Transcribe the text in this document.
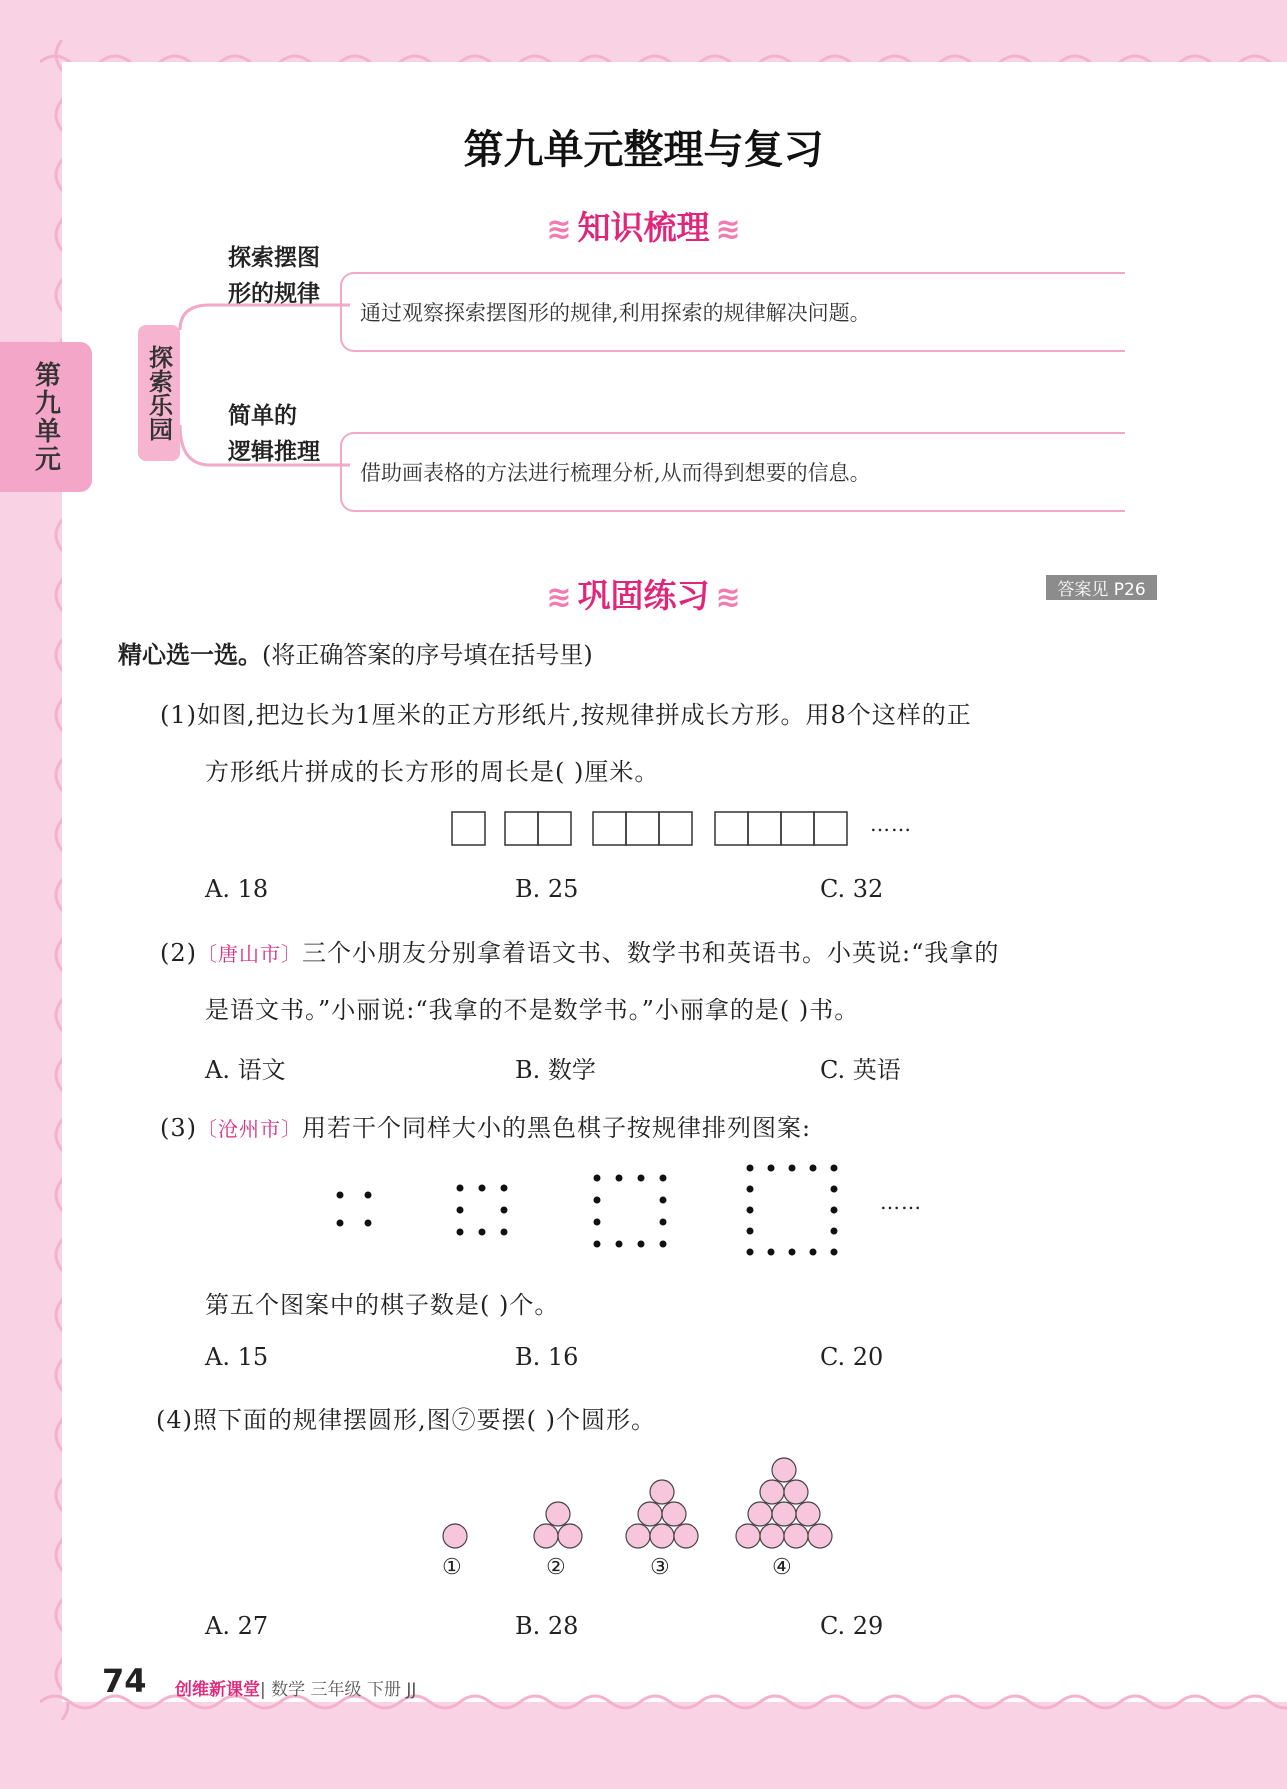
第九单元
第九单元整理与复习
≋ 知识梳理 ≋
探索乐园
探索摆图
形的规律
通过观察探索摆图形的规律,利用探索的规律解决问题。
简单的
逻辑推理
借助画表格的方法进行梳理分析,从而得到想要的信息。
≋ 巩固练习 ≋	答案见 P26
精心选一选。(将正确答案的序号填在括号里)
(1)如图,把边长为1厘米的正方形纸片,按规律拼成长方形。用8个这样的正
方形纸片拼成的长方形的周长是( )厘米。
……
A. 18	B. 25	C. 32
(2)〔唐山市〕三个小朋友分别拿着语文书、数学书和英语书。小英说:“我拿的
是语文书。”小丽说:“我拿的不是数学书。”小丽拿的是( )书。
A. 语文	B. 数学	C. 英语
(3)〔沧州市〕用若干个同样大小的黑色棋子按规律排列图案:
……
第五个图案中的棋子数是( )个。
A. 15	B. 16	C. 20
(4)照下面的规律摆圆形,图⑦要摆( )个圆形。
①	②	③	④
A. 27	B. 28	C. 29
74 创维新课堂| 数学 三年级 下册 JJ
